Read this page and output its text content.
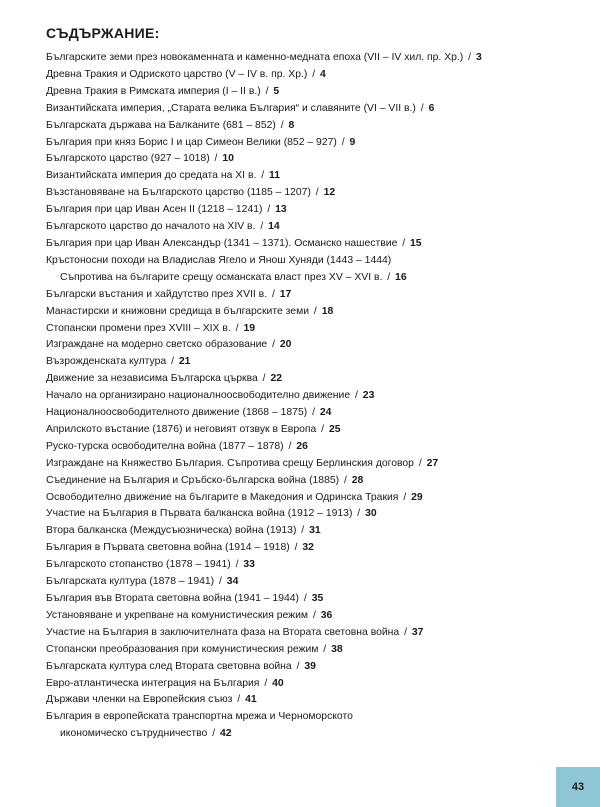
СЪДЪРЖАНИЕ:
Българските земи през новокаменната и каменно-медната епоха (VII – IV хил. пр. Хр.) / 3
Древна Тракия и Одриското царство (V – IV в. пр. Хр.) / 4
Древна Тракия в Римската империя (I – II в.) / 5
Византийската империя, „Старата велика България“ и славяните (VI – VII в.) / 6
Българската държава на Балканите (681 – 852) / 8
България при княз Борис I и цар Симеон Велики (852 – 927) / 9
Българското царство (927 – 1018) / 10
Византийската империя до средата на XI в. / 11
Възстановяване на Българското царство (1185 – 1207) / 12
България при цар Иван Асен II (1218 – 1241) / 13
Българското царство до началото на XIV в. / 14
България при цар Иван Александър (1341 – 1371). Османско нашествие / 15
Кръстоносни походи на Владислав Ягело и Янош Хуняди (1443 – 1444)
Съпротива на българите срещу османската власт през XV – XVI в. / 16
Български въстания и хайдутство през XVII в. / 17
Манастирски и книжовни средища в българските земи / 18
Стопански промени през XVIII – XIX в. / 19
Изграждане на модерно светско образование / 20
Възрожденската култура / 21
Движение за независима Българска църква / 22
Начало на организирано националноосвободително движение / 23
Националноосвободителното движение (1868 – 1875) / 24
Априлското въстание (1876) и неговият отзвук в Европа / 25
Руско-турска освободителна война (1877 – 1878) / 26
Изграждане на Княжество България. Съпротива срещу Берлинския договор / 27
Съединение на България и Сръбско-българска война (1885) / 28
Освободително движение на българите в Македония и Одринска Тракия / 29
Участие на България в Първата балканска война (1912 – 1913) / 30
Втора балканска (Междусъюзническа) война (1913) / 31
България в Първата световна война (1914 – 1918) / 32
Българското стопанство (1878 – 1941) / 33
Българската култура (1878 – 1941) / 34
България във Втората световна война (1941 – 1944) / 35
Установяване и укрепване на комунистическия режим / 36
Участие на България в заключителната фаза на Втората световна война / 37
Стопански преобразования при комунистическия режим / 38
Българската култура след Втората световна война / 39
Евро-атлантическа интеграция на България / 40
Държави членки на Европейския съюз / 41
България в европейската транспортна мрежа и Черноморското
икономическо сътрудничество / 42
43
